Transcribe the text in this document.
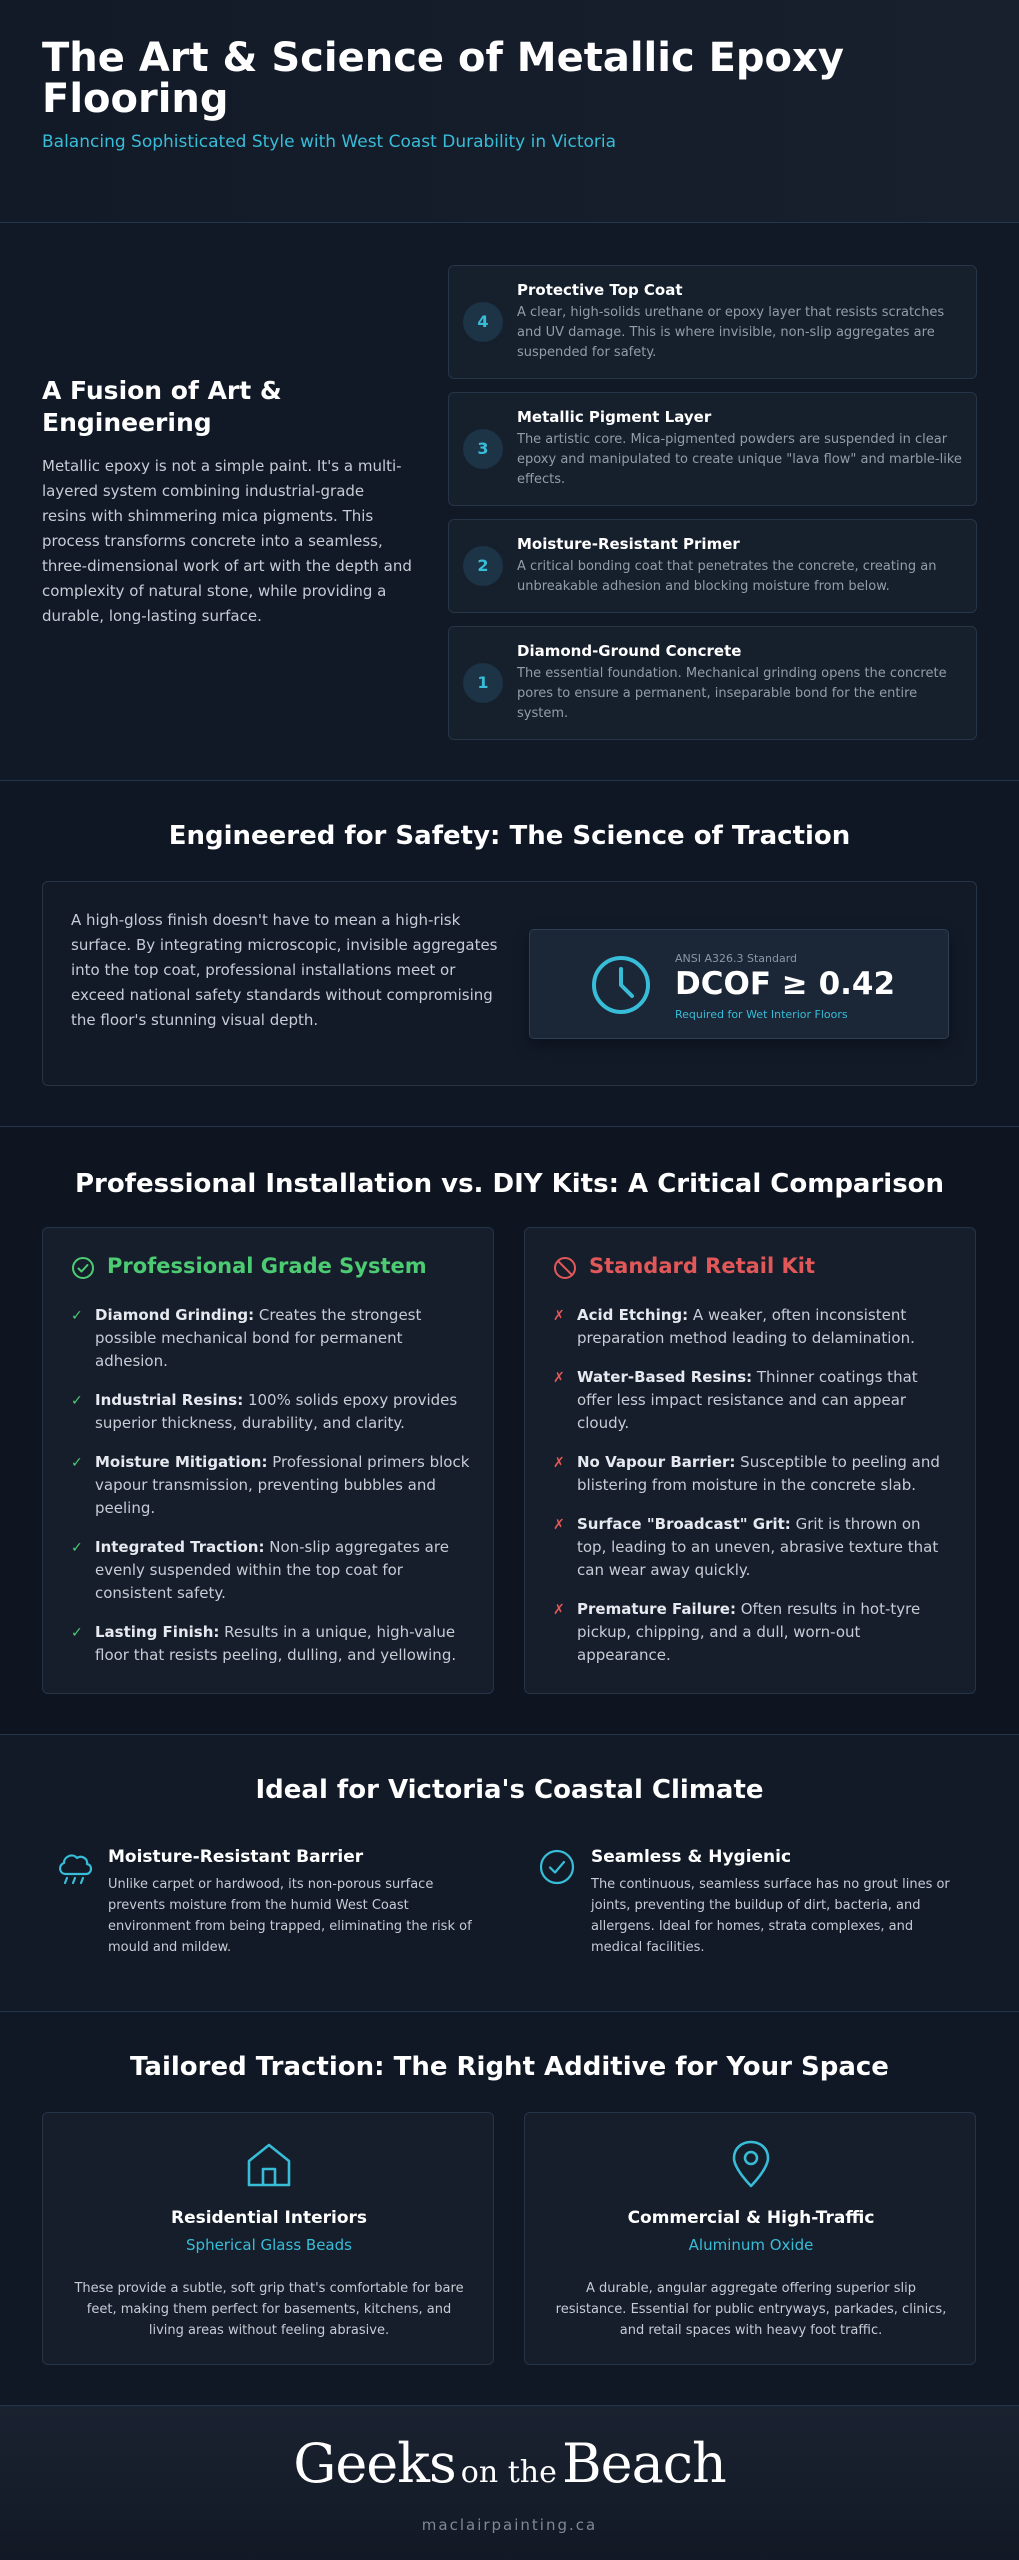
The Art & Science of Metallic Epoxy Flooring
Balancing Sophisticated Style with West Coast Durability in Victoria
A Fusion of Art & Engineering

Metallic epoxy is not a simple paint. It's a multi-layered system combining industrial-grade resins with shimmering mica pigments. This process transforms concrete into a seamless, three-dimensional work of art with the depth and complexity of natural stone, while providing a durable, long-lasting surface.

4
Protective Top Coat
A clear, high-solids urethane or epoxy layer that resists scratches and UV damage. This is where invisible, non-slip aggregates are suspended for safety.
3
Metallic Pigment Layer
The artistic core. Mica-pigmented powders are suspended in clear epoxy and manipulated to create unique "lava flow" and marble-like effects.
2
Moisture-Resistant Primer
A critical bonding coat that penetrates the concrete, creating an unbreakable adhesion and blocking moisture from below.
1
Diamond-Ground Concrete
The essential foundation. Mechanical grinding opens the concrete pores to ensure a permanent, inseparable bond for the entire system.
Engineered for Safety: The Science of Traction

A high-gloss finish doesn't have to mean a high-risk surface. By integrating microscopic, invisible aggregates into the top coat, professional installations meet or exceed national safety standards without compromising the floor's stunning visual depth.

ANSI A326.3 Standard
DCOF ≥ 0.42
Required for Wet Interior Floors
Professional Installation vs. DIY Kits: A Critical Comparison
Professional Grade System
✓ Diamond Grinding: Creates the strongest possible mechanical bond for permanent adhesion.
✓ Industrial Resins: 100% solids epoxy provides superior thickness, durability, and clarity.
✓ Moisture Mitigation: Professional primers block vapour transmission, preventing bubbles and peeling.
✓ Integrated Traction: Non-slip aggregates are evenly suspended within the top coat for consistent safety.
✓ Lasting Finish: Results in a unique, high-value floor that resists peeling, dulling, and yellowing.
Standard Retail Kit
✗ Acid Etching: A weaker, often inconsistent preparation method leading to delamination.
✗ Water-Based Resins: Thinner coatings that offer less impact resistance and can appear cloudy.
✗ No Vapour Barrier: Susceptible to peeling and blistering from moisture in the concrete slab.
✗ Surface "Broadcast" Grit: Grit is thrown on top, leading to an uneven, abrasive texture that can wear away quickly.
✗ Premature Failure: Often results in hot-tyre pickup, chipping, and a dull, worn-out appearance.
Ideal for Victoria's Coastal Climate
Moisture-Resistant Barrier
Unlike carpet or hardwood, its non-porous surface prevents moisture from the humid West Coast environment from being trapped, eliminating the risk of mould and mildew.
Seamless & Hygienic
The continuous, seamless surface has no grout lines or joints, preventing the buildup of dirt, bacteria, and allergens. Ideal for homes, strata complexes, and medical facilities.
Tailored Traction: The Right Additive for Your Space
Residential Interiors
Spherical Glass Beads
These provide a subtle, soft grip that's comfortable for bare feet, making them perfect for basements, kitchens, and living areas without feeling abrasive.
Commercial & High-Traffic
Aluminum Oxide
A durable, angular aggregate offering superior slip resistance. Essential for public entryways, parkades, clinics, and retail spaces with heavy foot traffic.
Geeks on the Beach
maclairpainting.ca
